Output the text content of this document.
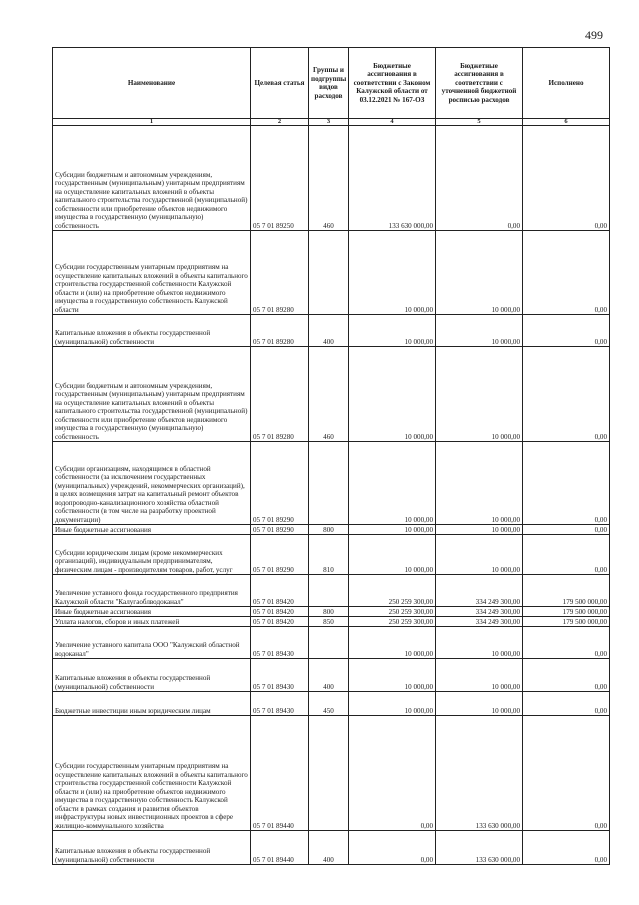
499
Наименование	Целевая статья	Группы и подгруппы видов расходов	Бюджетные ассигнования в соответствии с Законом Калужской области от 03.12.2021 № 167-ОЗ	Бюджетные ассигнования в соответствии с уточненной бюджетной росписью расходов	Исполнено
1	2	3	4	5	6
Субсидии бюджетным и автономным учреждениям, государственным (муниципальным) унитарным предприятиям на осуществление капитальных вложений в объекты капитального строительства государственной (муниципальной) собственности или приобретение объектов недвижимого имущества в государственную (муниципальную) собственность	05 7 01 89250	460	133 630 000,00	0,00	0,00
Субсидии государственным унитарным предприятиям на осуществление капитальных вложений в объекты капитального строительства государственной собственности Калужской области и (или) на приобретение объектов недвижимого имущества в государственную собственность Калужской области	05 7 01 89280		10 000,00	10 000,00	0,00
Капитальные вложения в объекты государственной (муниципальной) собственности	05 7 01 89280	400	10 000,00	10 000,00	0,00
Субсидии бюджетным и автономным учреждениям, государственным (муниципальным) унитарным предприятиям на осуществление капитальных вложений в объекты капитального строительства государственной (муниципальной) собственности или приобретение объектов недвижимого имущества в государственную (муниципальную) собственность	05 7 01 89280	460	10 000,00	10 000,00	0,00
Субсидии организациям, находящимся в областной собственности (за исключением государственных (муниципальных) учреждений, некоммерческих организаций), в целях возмещения затрат на капитальный ремонт объектов водопроводно-канализационного хозяйства областной собственности (в том числе на разработку проектной документации)	05 7 01 89290		10 000,00	10 000,00	0,00
Иные бюджетные ассигнования	05 7 01 89290	800	10 000,00	10 000,00	0,00
Субсидии юридическим лицам (кроме некоммерческих организаций), индивидуальным предпринимателям, физическим лицам - производителям товаров, работ, услуг	05 7 01 89290	810	10 000,00	10 000,00	0,00
Увеличение уставного фонда государственного предприятия Калужской области "Калугаоблводоканал"	05 7 01 89420		250 259 300,00	334 249 300,00	179 500 000,00
Иные бюджетные ассигнования	05 7 01 89420	800	250 259 300,00	334 249 300,00	179 500 000,00
Уплата налогов, сборов и иных платежей	05 7 01 89420	850	250 259 300,00	334 249 300,00	179 500 000,00
Увеличение уставного капитала ООО "Калужский областной водоканал"	05 7 01 89430		10 000,00	10 000,00	0,00
Капитальные вложения в объекты государственной (муниципальной) собственности	05 7 01 89430	400	10 000,00	10 000,00	0,00
Бюджетные инвестиции иным юридическим лицам	05 7 01 89430	450	10 000,00	10 000,00	0,00
Субсидии государственным унитарным предприятиям на осуществление капитальных вложений в объекты капитального строительства государственной собственности Калужской области и (или) на приобретение объектов недвижимого имущества в государственную собственность Калужской области в рамках создания и развития объектов инфраструктуры новых инвестиционных проектов в сфере жилищно-коммунального хозяйства	05 7 01 89440		0,00	133 630 000,00	0,00
Капитальные вложения в объекты государственной (муниципальной) собственности	05 7 01 89440	400	0,00	133 630 000,00	0,00
